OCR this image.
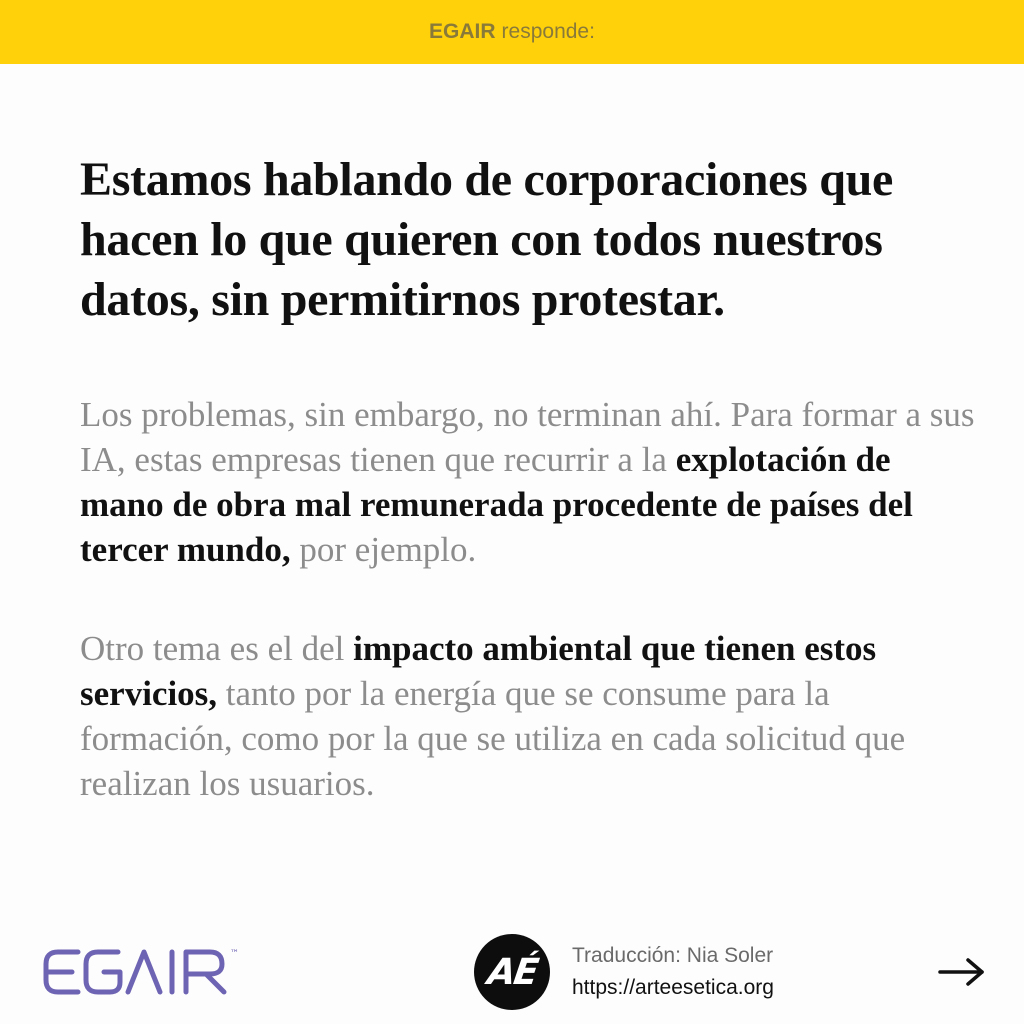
EGAIR responde:
Estamos hablando de corporaciones que hacen lo que quieren con todos nuestros datos, sin permitirnos protestar.

Los problemas, sin embargo, no terminan ahí. Para formar a sus IA, estas empresas tienen que recurrir a la explotación de mano de obra mal remunerada procedente de países del tercer mundo, por ejemplo.

Otro tema es el del impacto ambiental que tienen estos servicios, tanto por la energía que se consume para la formación, como por la que se utiliza en cada solicitud que realizan los usuarios.

™	AÉ Traducción: Nia Soler
https://arteesetica.org
